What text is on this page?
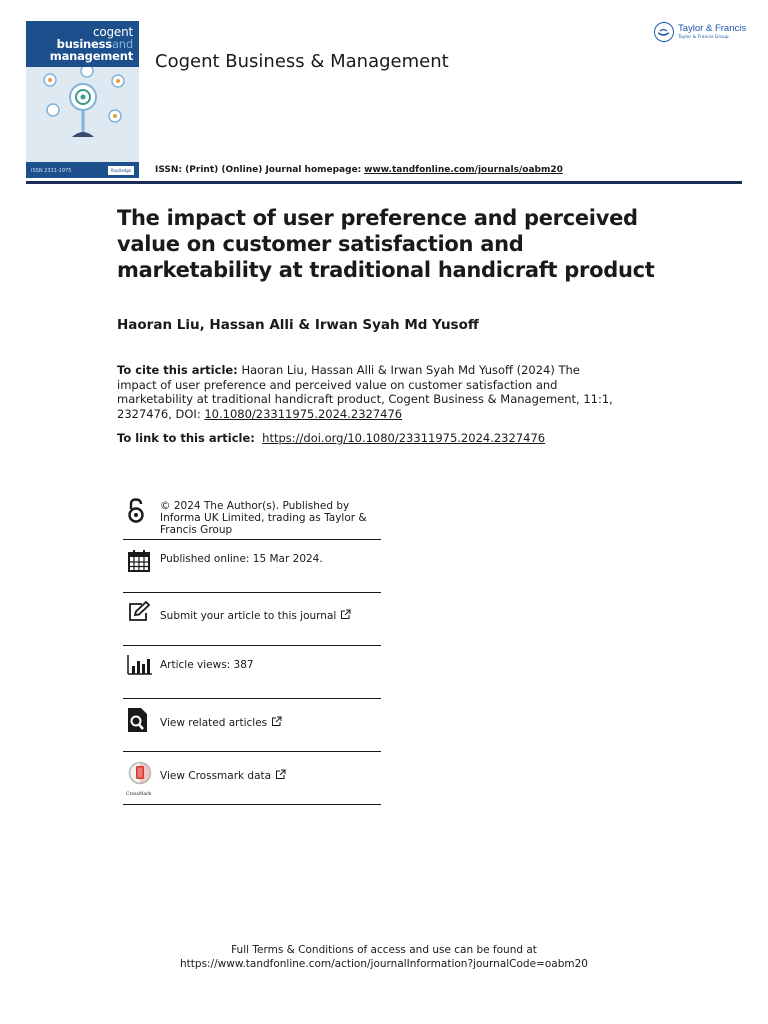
cogent
businessand
management
ISSN 2331-1975	Routledge
Cogent Business & Management
Taylor & Francis
Taylor & Francis Group
ISSN: (Print) (Online) Journal homepage: www.tandfonline.com/journals/oabm20
The impact of user preference and perceived value on customer satisfaction and marketability at traditional handicraft product
Haoran Liu, Hassan Alli & Irwan Syah Md Yusoff
To cite this article: Haoran Liu, Hassan Alli & Irwan Syah Md Yusoff (2024) The impact of user preference and perceived value on customer satisfaction and marketability at traditional handicraft product, Cogent Business & Management, 11:1, 2327476, DOI: 10.1080/23311975.2024.2327476
To link to this article: https://doi.org/10.1080/23311975.2024.2327476
© 2024 The Author(s). Published by Informa UK Limited, trading as Taylor & Francis Group
Published online: 15 Mar 2024.
Submit your article to this journal
Article views: 387
View related articles
CrossMark
View Crossmark data
Full Terms & Conditions of access and use can be found at
https://www.tandfonline.com/action/journalInformation?journalCode=oabm20
